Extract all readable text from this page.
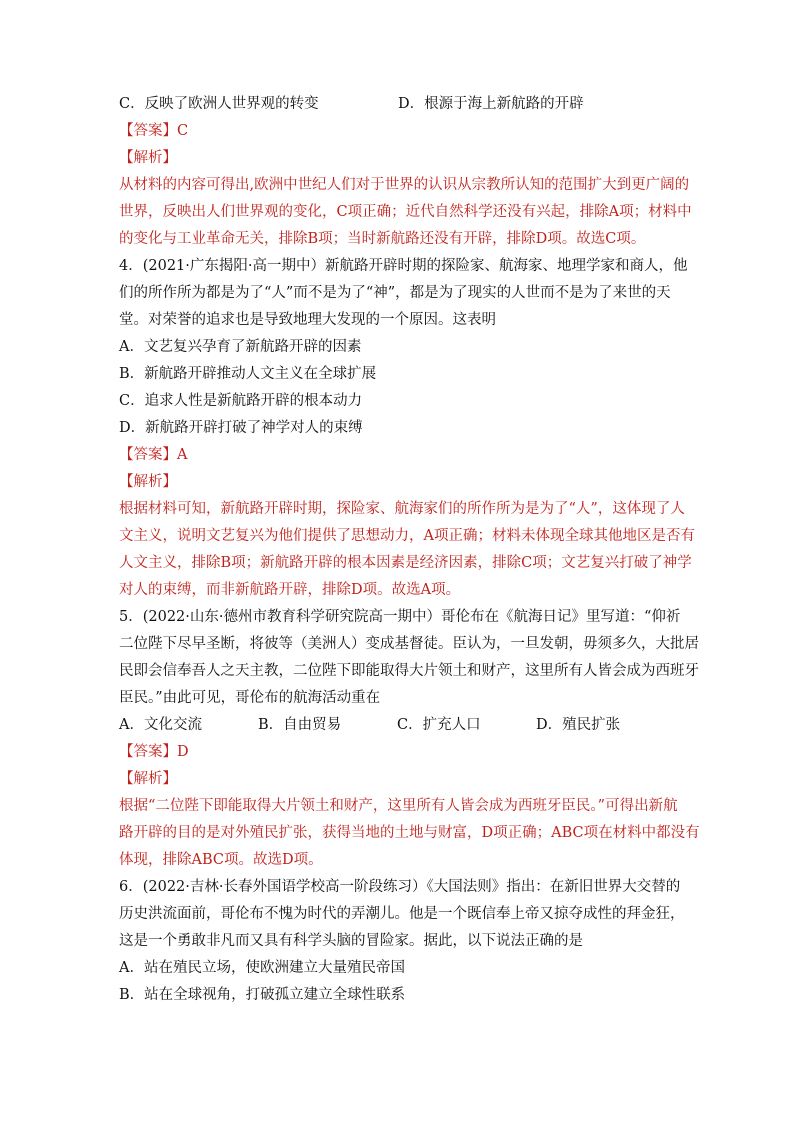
C．反映了欧洲人世界观的转变	D．根源于海上新航路的开辟
【答案】C
【解析】
从材料的内容可得出,欧洲中世纪人们对于世界的认识从宗教所认知的范围扩大到更广阔的
世界，反映出人们世界观的变化，C项正确；近代自然科学还没有兴起，排除A项；材料中
的变化与工业革命无关，排除B项；当时新航路还没有开辟，排除D项。故选C项。
4．(2021·广东揭阳·高一期中）新航路开辟时期的探险家、航海家、地理学家和商人，他
们的所作所为都是为了“人”而不是为了“神”，都是为了现实的人世而不是为了来世的天
堂。对荣誉的追求也是导致地理大发现的一个原因。这表明
A．文艺复兴孕育了新航路开辟的因素
B．新航路开辟推动人文主义在全球扩展
C．追求人性是新航路开辟的根本动力
D．新航路开辟打破了神学对人的束缚
【答案】A
【解析】
根据材料可知，新航路开辟时期，探险家、航海家们的所作所为是为了“人”，这体现了人
文主义，说明文艺复兴为他们提供了思想动力，A项正确；材料未体现全球其他地区是否有
人文主义，排除B项；新航路开辟的根本因素是经济因素，排除C项；文艺复兴打破了神学
对人的束缚，而非新航路开辟，排除D项。故选A项。
5．(2022·山东·德州市教育科学研究院高一期中）哥伦布在《航海日记》里写道：“仰祈
二位陛下尽早圣断，将彼等（美洲人）变成基督徒。臣认为，一旦发朝，毋须多久，大批居
民即会信奉吾人之天主教，二位陛下即能取得大片领土和财产，这里所有人皆会成为西班牙
臣民。”由此可见，哥伦布的航海活动重在
A．文化交流	B．自由贸易	C．扩充人口	D．殖民扩张
【答案】D
【解析】
根据“二位陛下即能取得大片领土和财产，这里所有人皆会成为西班牙臣民。”可得出新航
路开辟的目的是对外殖民扩张，获得当地的土地与财富，D项正确；ABC项在材料中都没有
体现，排除ABC项。故选D项。
6．(2022·吉林·长春外国语学校高一阶段练习）《大国法则》指出：在新旧世界大交替的
历史洪流面前，哥伦布不愧为时代的弄潮儿。他是一个既信奉上帝又掠夺成性的拜金狂，
这是一个勇敢非凡而又具有科学头脑的冒险家。据此，以下说法正确的是
A．站在殖民立场，使欧洲建立大量殖民帝国
B．站在全球视角，打破孤立建立全球性联系
